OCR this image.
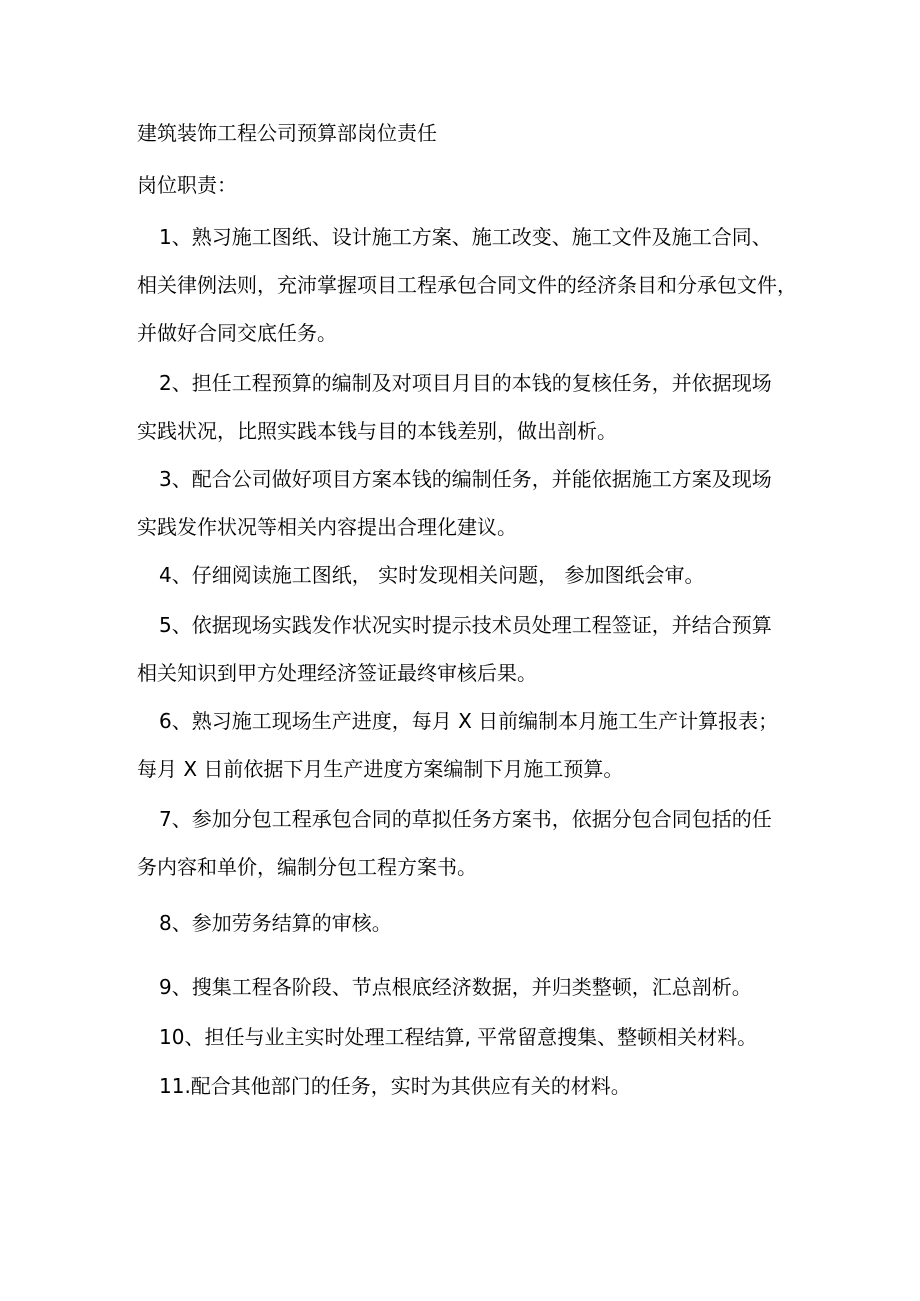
建筑装饰工程公司预算部岗位责任
岗位职责：
1、熟习施工图纸、设计施工方案、施工改变、施工文件及施工合同、
相关律例法则，充沛掌握项目工程承包合同文件的经济条目和分承包文件，
并做好合同交底任务。
2、担任工程预算的编制及对项目月目的本钱的复核任务，并依据现场
实践状况，比照实践本钱与目的本钱差别，做出剖析。
3、配合公司做好项目方案本钱的编制任务，并能依据施工方案及现场
实践发作状况等相关内容提出合理化建议。
4、仔细阅读施工图纸， 实时发现相关问题， 参加图纸会审。
5、依据现场实践发作状况实时提示技术员处理工程签证，并结合预算
相关知识到甲方处理经济签证最终审核后果。
6、熟习施工现场生产进度，每月 X 日前编制本月施工生产计算报表；
每月 X 日前依据下月生产进度方案编制下月施工预算。
7、参加分包工程承包合同的草拟任务方案书，依据分包合同包括的任
务内容和单价，编制分包工程方案书。
8、参加劳务结算的审核。
9、搜集工程各阶段、节点根底经济数据，并归类整顿，汇总剖析。
10、担任与业主实时处理工程结算, 平常留意搜集、整顿相关材料。
11.配合其他部门的任务，实时为其供应有关的材料。
